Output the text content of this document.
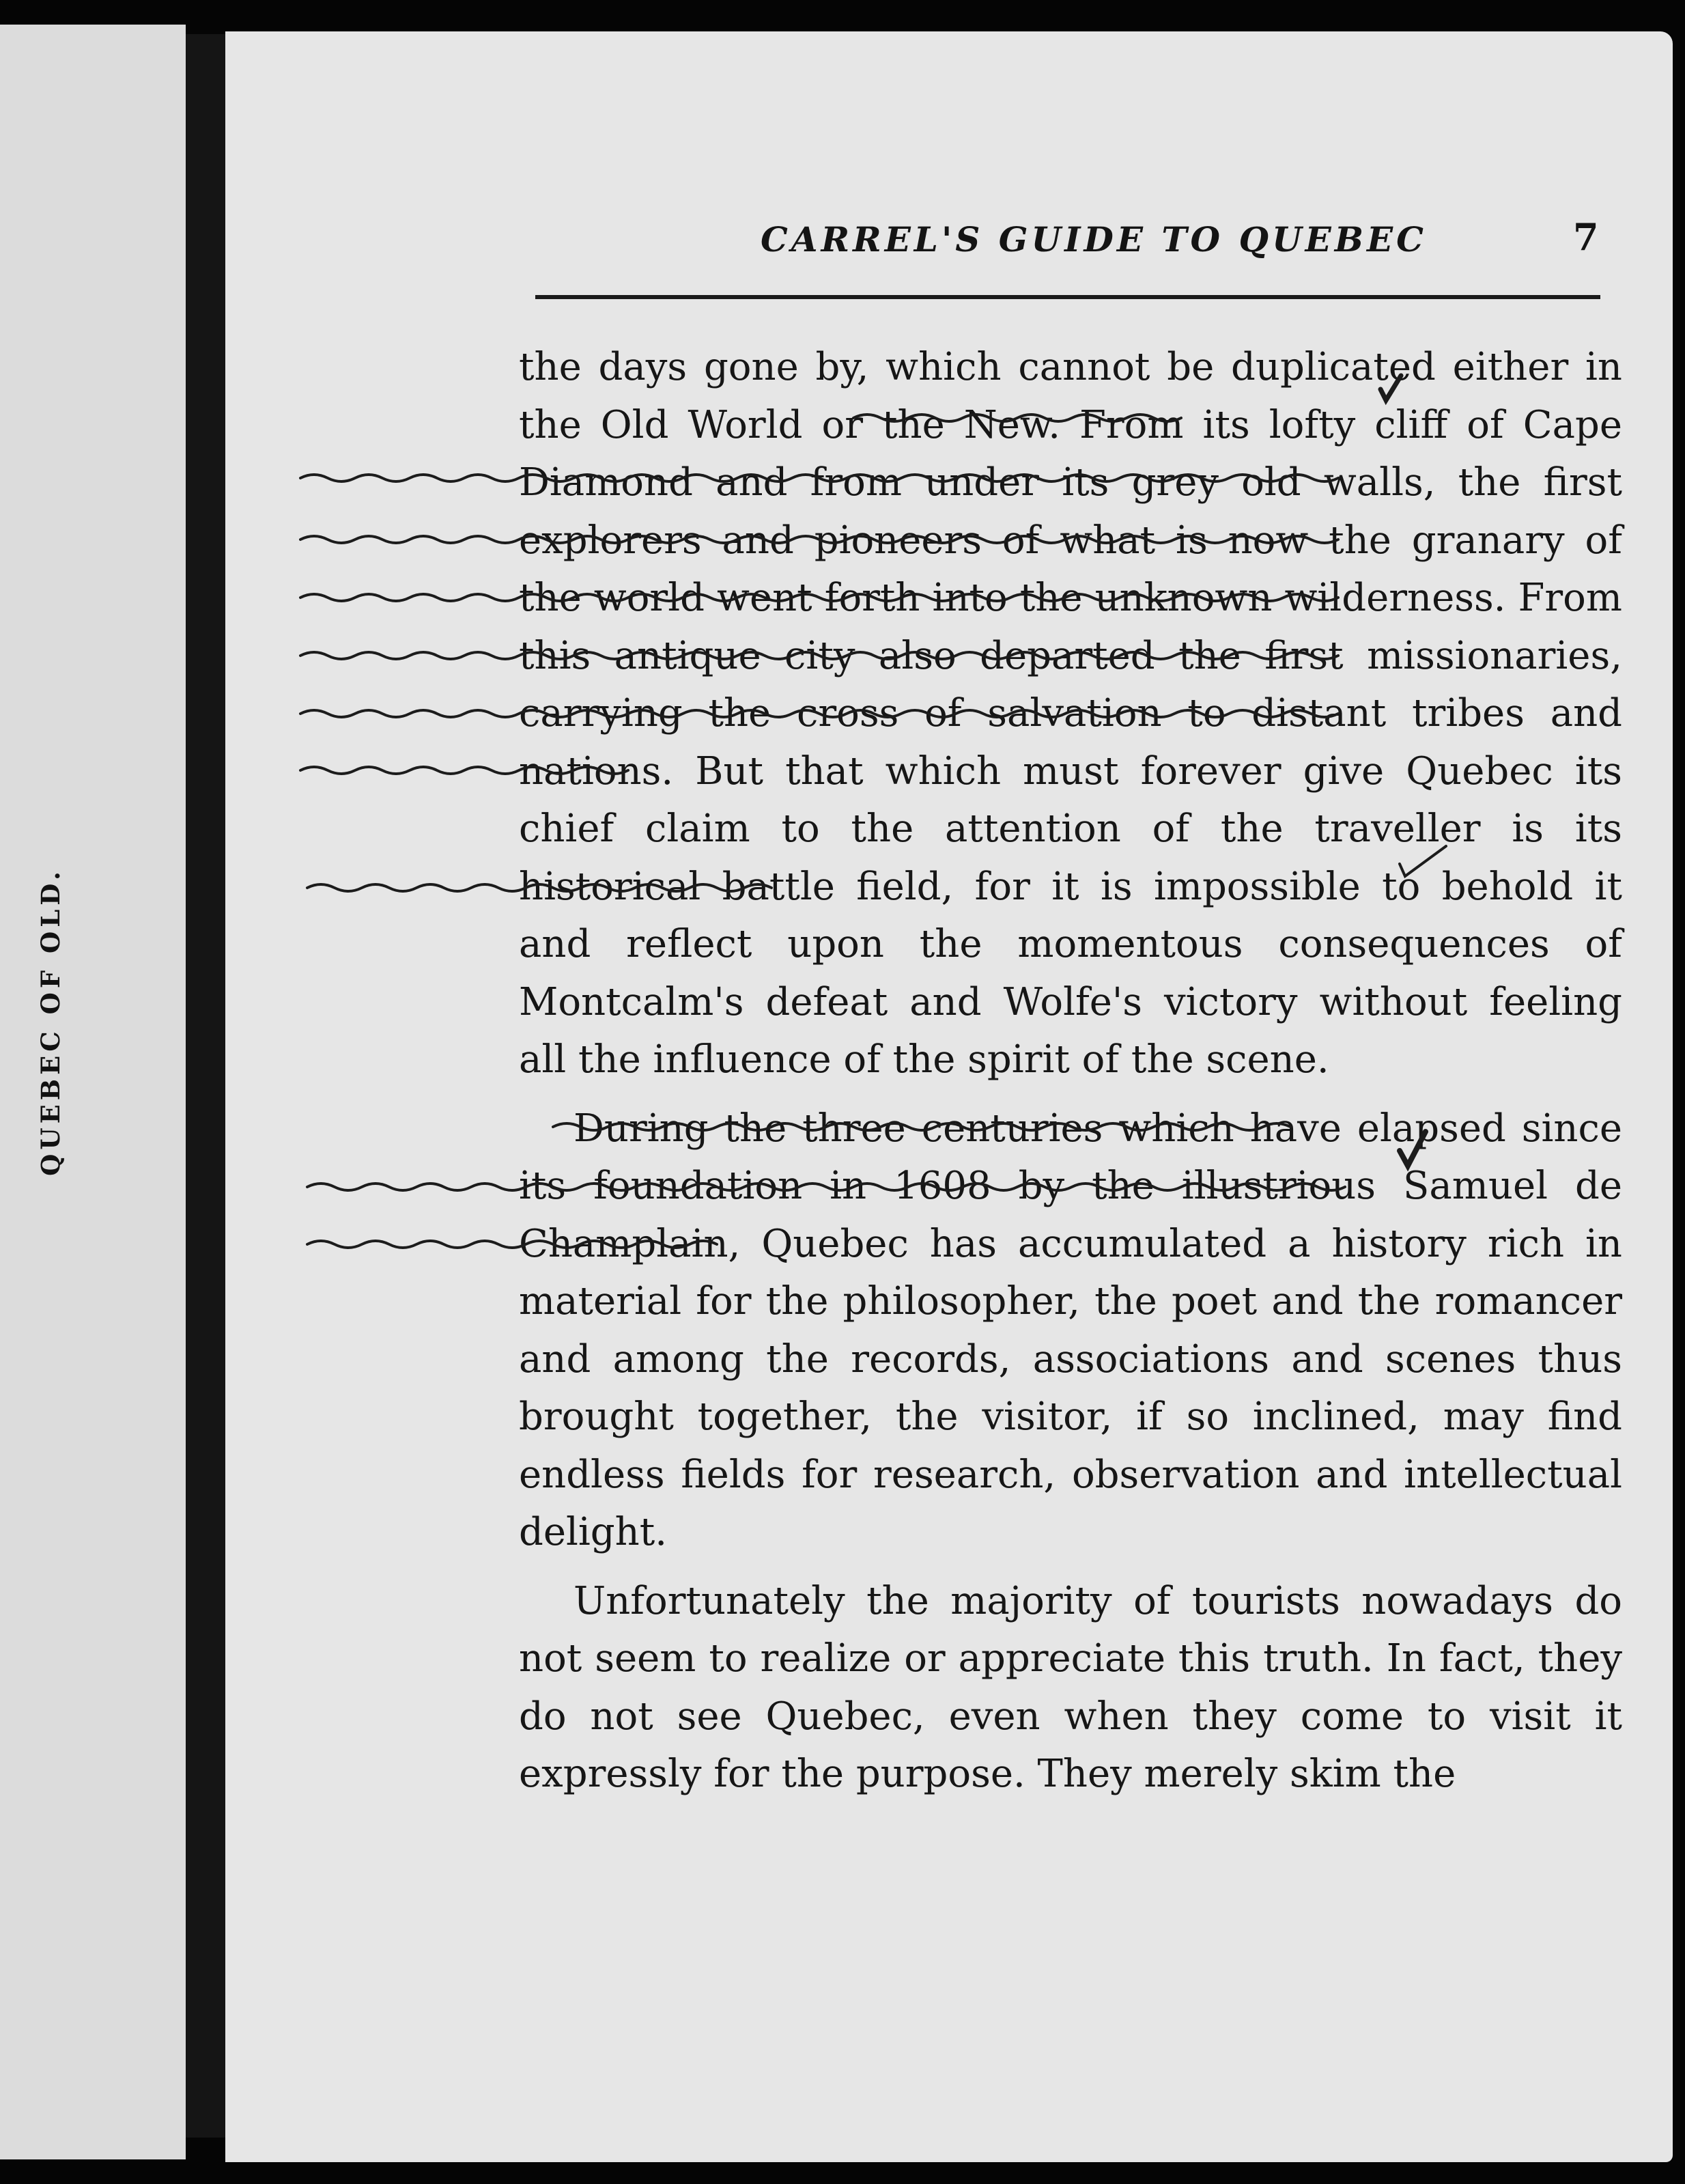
QUEBEC OF OLD.
CARREL'S GUIDE TO QUEBEC	7

the days gone by, which cannot be duplicated either in the Old World or the New. From its lofty cliff of Cape Diamond and from under its grey old walls, the first explorers and pioneers of what is now the granary of the world went forth into the unknown wilderness. From this antique city also departed the first missionaries, carrying the cross of salvation to distant tribes and nations. But that which must forever give Quebec its chief claim to the attention of the traveller is its historical battle field, for it is impossible to behold it and reflect upon the momentous consequences of Montcalm's defeat and Wolfe's victory without feeling all the influence of the spirit of the scene.

During the three centuries which have elapsed since its foundation in 1608 by the illustrious Samuel de Champlain, Quebec has accumulated a history rich in material for the philosopher, the poet and the romancer and among the records, associations and scenes thus brought together, the visitor, if so inclined, may find endless fields for research, observation and intellectual delight.

Unfortunately the majority of tourists nowadays do not seem to realize or appreciate this truth. In fact, they do not see Quebec, even when they come to visit it expressly for the purpose. They merely skim the
